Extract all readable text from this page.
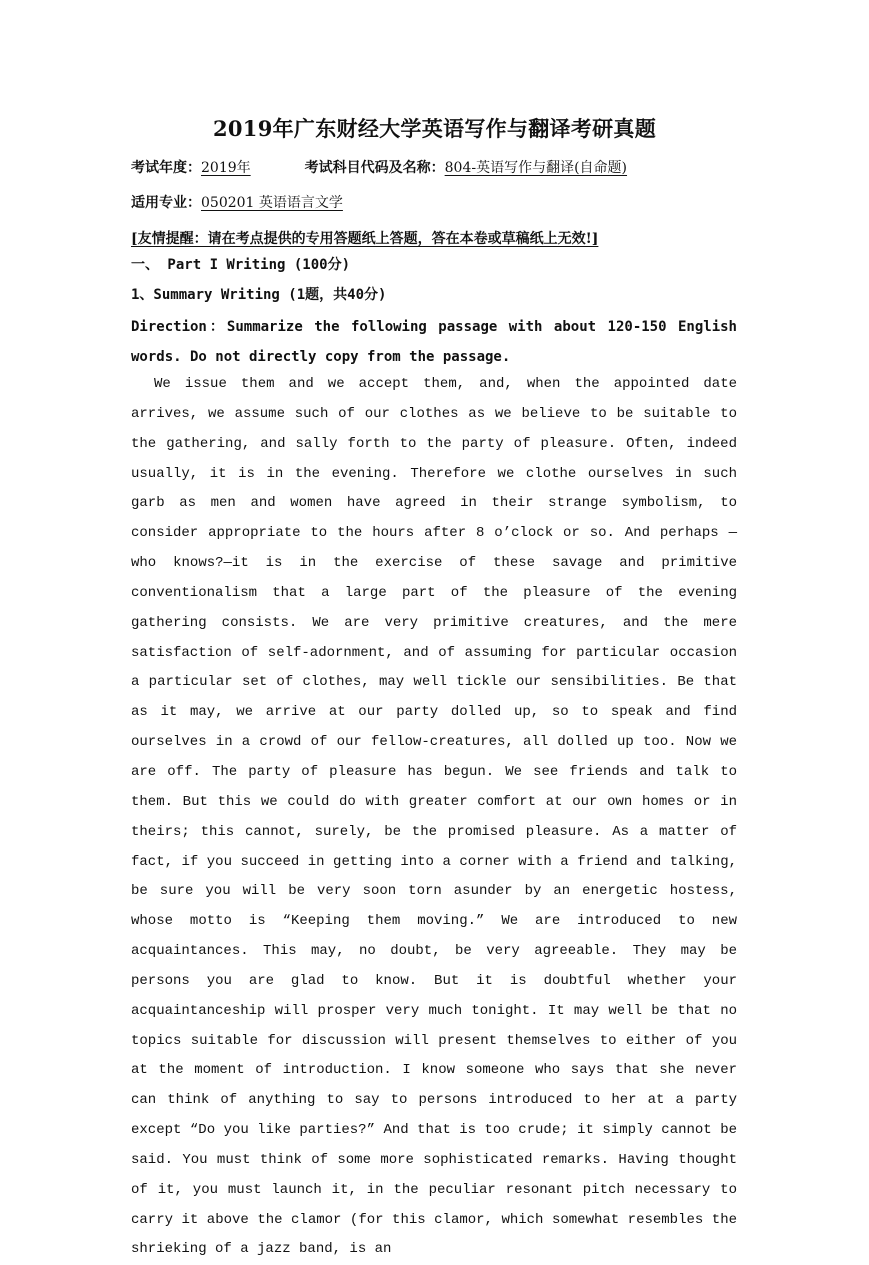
2019年广东财经大学英语写作与翻译考研真题
考试年度：2019年	考试科目代码及名称：804-英语写作与翻译(自命题)
适用专业：050201 英语语言文学
[友情提醒：请在考点提供的专用答题纸上答题，答在本卷或草稿纸上无效!]
一、 Part I Writing (100分)
1、Summary Writing (1题，共40分)
Direction：Summarize the following passage with about 120-150 English words. Do not directly copy from the passage.
We issue them and we accept them, and, when the appointed date arrives, we assume such of our clothes as we believe to be suitable to the gathering, and sally forth to the party of pleasure. Often, indeed usually, it is in the evening. Therefore we clothe ourselves in such garb as men and women have agreed in their strange symbolism, to consider appropriate to the hours after 8 o’clock or so. And perhaps — who knows?—it is in the exercise of these savage and primitive conventionalism that a large part of the pleasure of the evening gathering consists. We are very primitive creatures, and the mere satisfaction of self-adornment, and of assuming for particular occasion a particular set of clothes, may well tickle our sensibilities. Be that as it may, we arrive at our party dolled up, so to speak and find ourselves in a crowd of our fellow-creatures, all dolled up too. Now we are off. The party of pleasure has begun. We see friends and talk to them. But this we could do with greater comfort at our own homes or in theirs; this cannot, surely, be the promised pleasure. As a matter of fact, if you succeed in getting into a corner with a friend and talking, be sure you will be very soon torn asunder by an energetic hostess, whose motto is “Keeping them moving.” We are introduced to new acquaintances. This may, no doubt, be very agreeable. They may be persons you are glad to know. But it is doubtful whether your acquaintanceship will prosper very much tonight. It may well be that no topics suitable for discussion will present themselves to either of you at the moment of introduction. I know someone who says that she never can think of anything to say to persons introduced to her at a party except “Do you like parties?” And that is too crude; it simply cannot be said. You must think of some more sophisticated remarks. Having thought of it, you must launch it, in the peculiar resonant pitch necessary to carry it above the clamor (for this clamor, which somewhat resembles the shrieking of a jazz band, is an
